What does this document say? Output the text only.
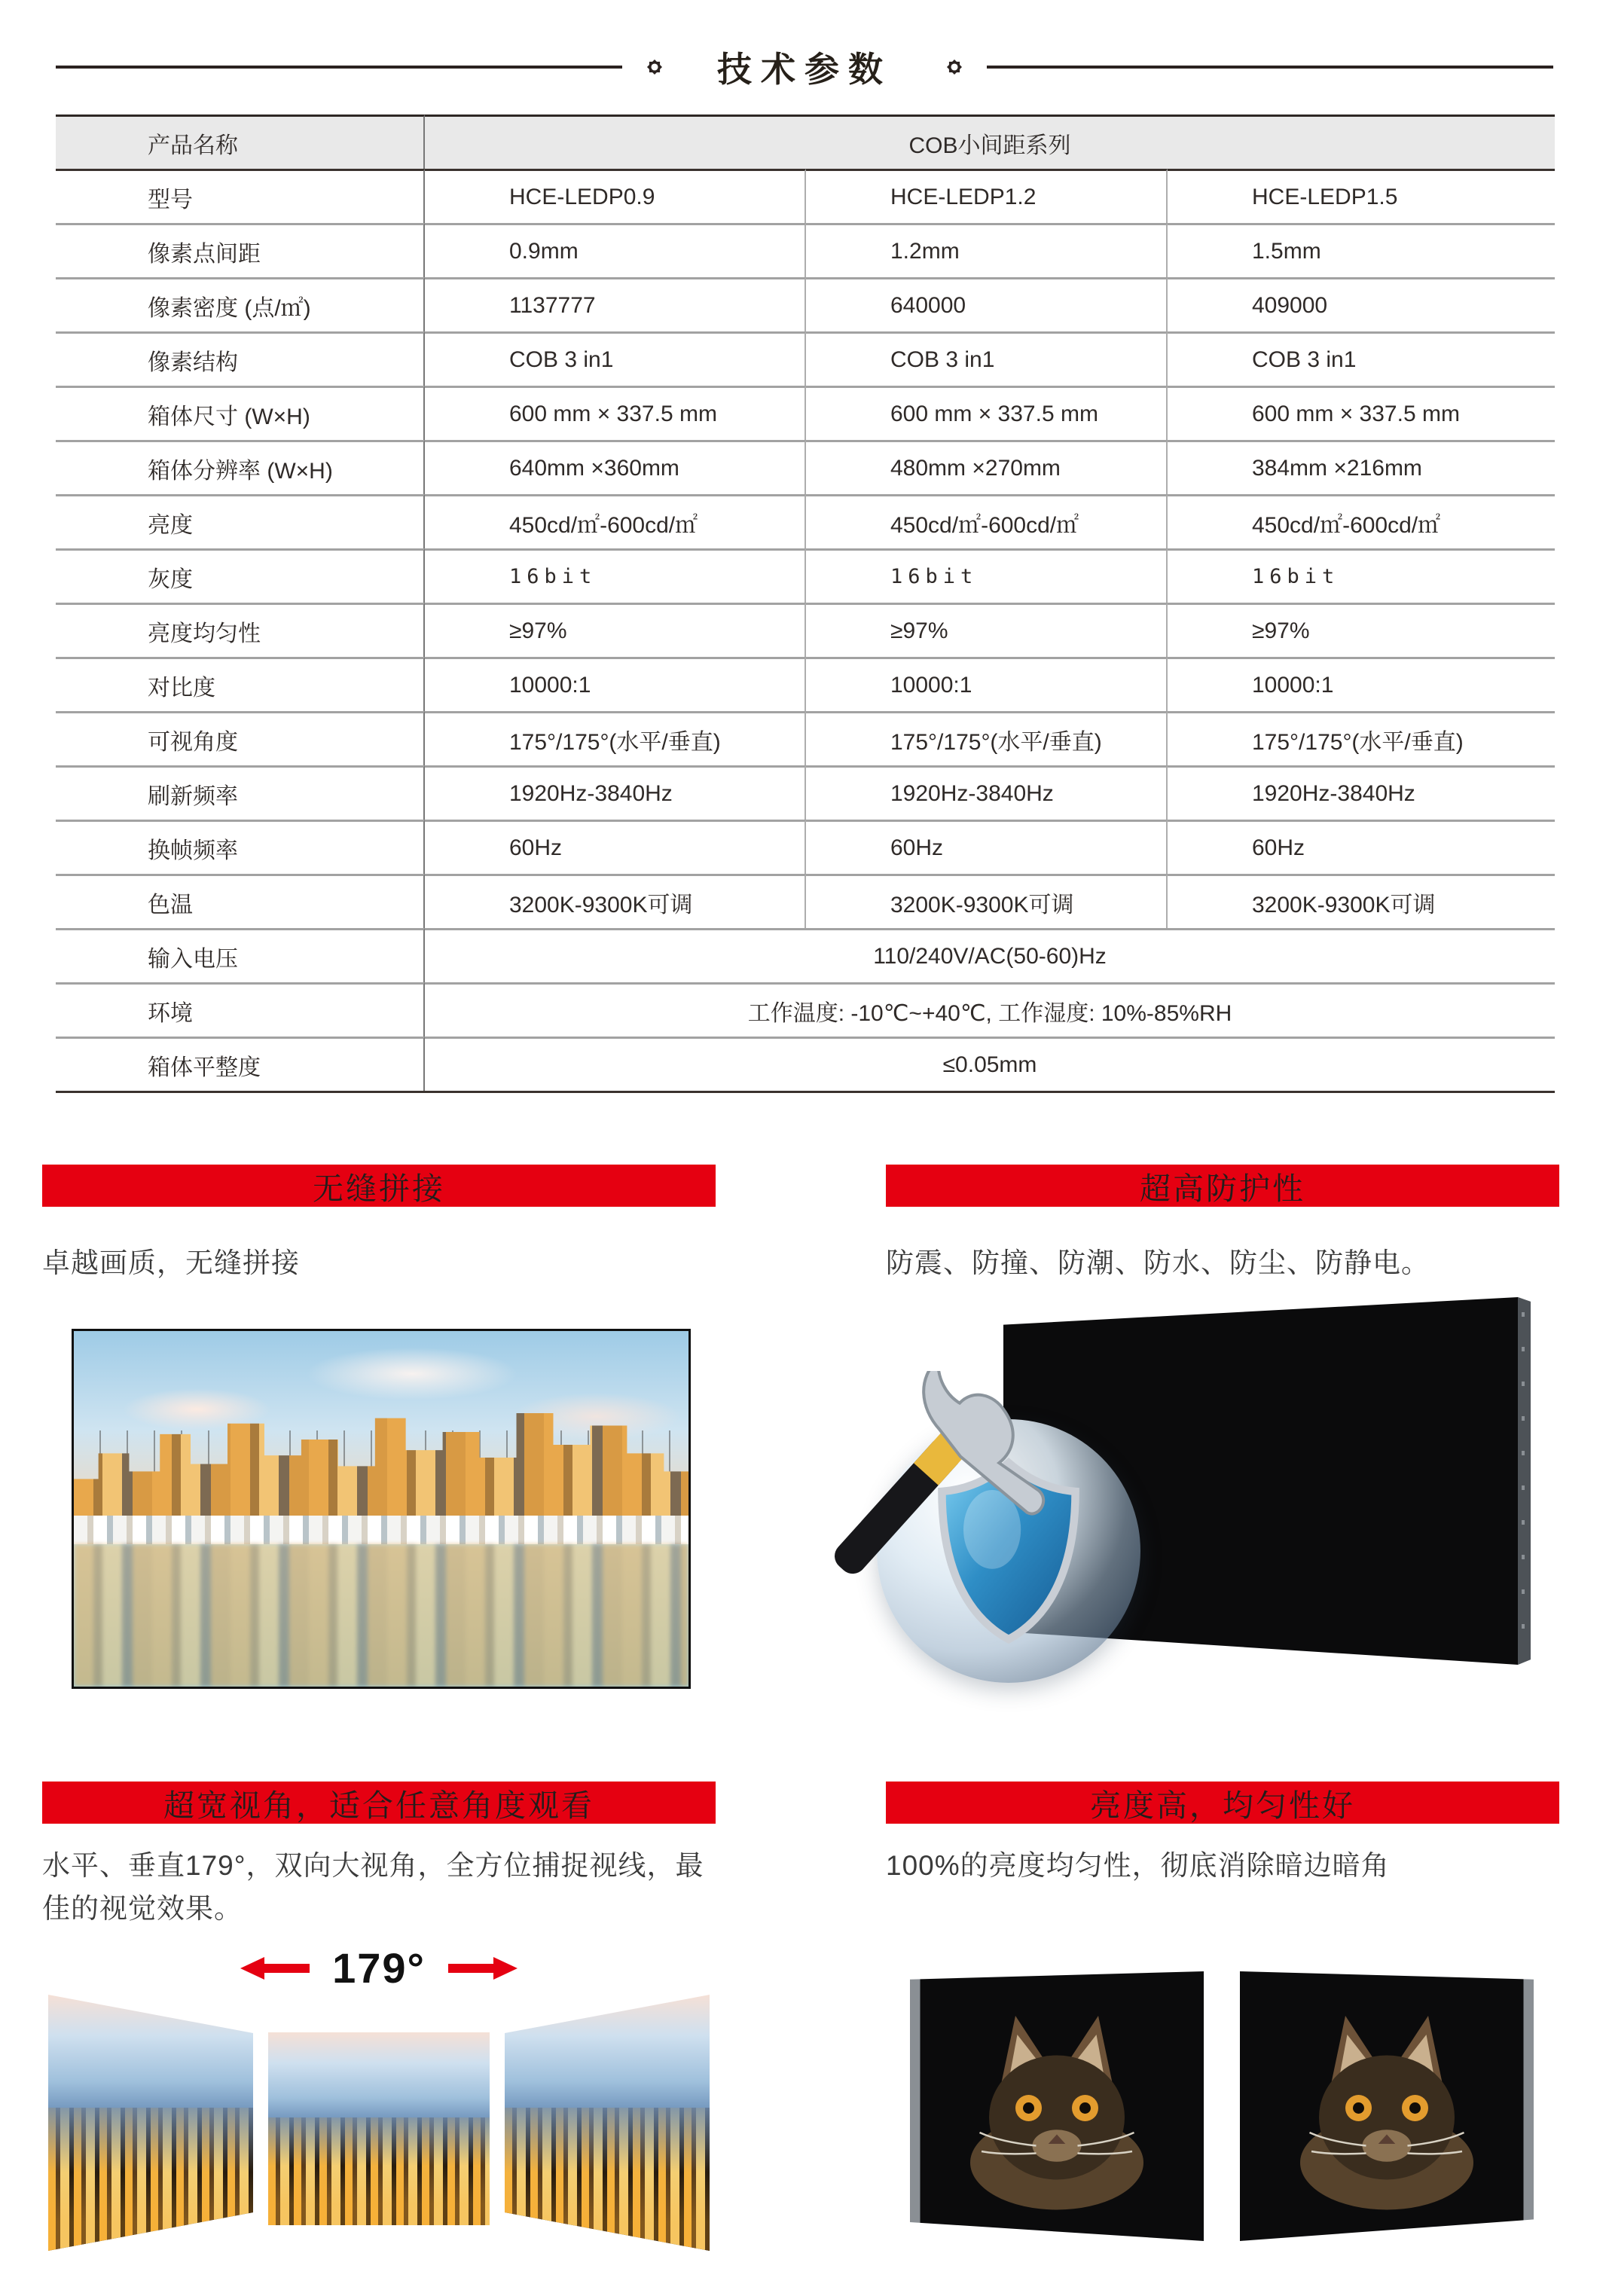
技术参数
产品名称	COB小间距系列
型号	HCE-LEDP0.9	HCE-LEDP1.2	HCE-LEDP1.5
像素点间距	0.9mm	1.2mm	1.5mm
像素密度 (点/㎡)	1137777	640000	409000
像素结构	COB 3 in1	COB 3 in1	COB 3 in1
箱体尺寸 (W×H)	600 mm × 337.5 mm	600 mm × 337.5 mm	600 mm × 337.5 mm
箱体分辨率 (W×H)	640mm ×360mm	480mm ×270mm	384mm ×216mm
亮度	450cd/㎡-600cd/㎡	450cd/㎡-600cd/㎡	450cd/㎡-600cd/㎡
灰度	16bit	16bit	16bit
亮度均匀性	≥97%	≥97%	≥97%
对比度	10000:1	10000:1	10000:1
可视角度	175°/175°(水平/垂直)	175°/175°(水平/垂直)	175°/175°(水平/垂直)
刷新频率	1920Hz-3840Hz	1920Hz-3840Hz	1920Hz-3840Hz
换帧频率	60Hz	60Hz	60Hz
色温	3200K-9300K可调	3200K-9300K可调	3200K-9300K可调
输入电压	110/240V/AC(50-60)Hz
环境	工作温度: -10℃~+40℃, 工作湿度: 10%-85%RH
箱体平整度	≤0.05mm
无缝拼接	超高防护性
卓越画质，无缝拼接	防震、防撞、防潮、防水、防尘、防静电。
超宽视角，适合任意角度观看	亮度高，均匀性好
水平、垂直179°，双向大视角，全方位捕捉视线，最佳的视觉效果。
100%的亮度均匀性，彻底消除暗边暗角
179°
